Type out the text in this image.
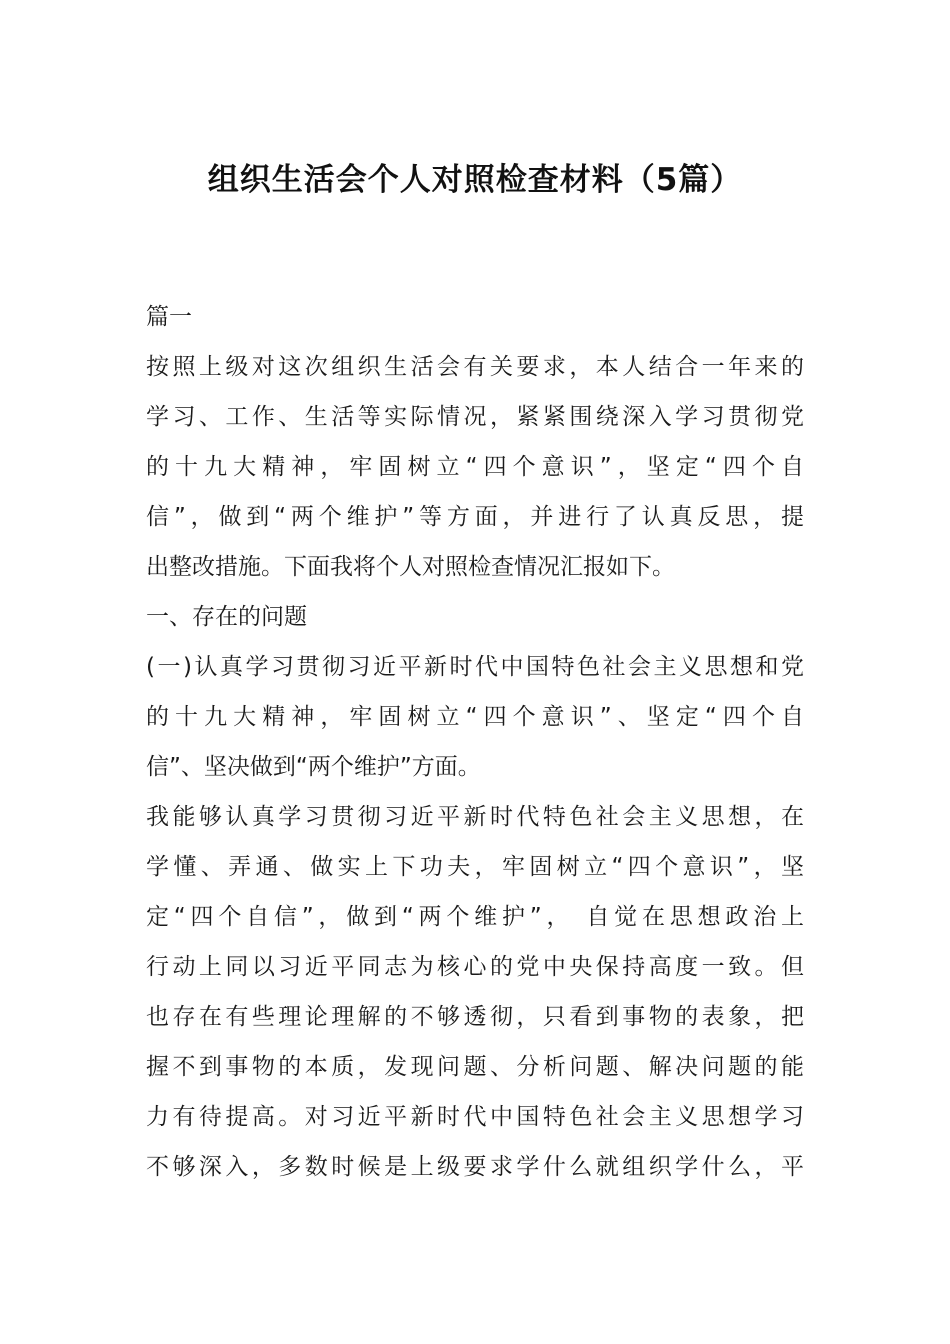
组织生活会个人对照检查材料（5篇）

篇一

按照上级对这次组织生活会有关要求，本人结合一年来的

学习、工作、生活等实际情况，紧紧围绕深入学习贯彻党

的十九大精神，牢固树立“四个意识”，坚定“四个自

信”，做到“两个维护”等方面，并进行了认真反思，提

出整改措施。下面我将个人对照检查情况汇报如下。

一、存在的问题

(一)认真学习贯彻习近平新时代中国特色社会主义思想和党

的十九大精神，牢固树立“四个意识”、坚定“四个自

信”、坚决做到“两个维护”方面。

我能够认真学习贯彻习近平新时代特色社会主义思想，在

学懂、弄通、做实上下功夫，牢固树立“四个意识”，坚

定“四个自信”，做到“两个维护”， 自觉在思想政治上

行动上同以习近平同志为核心的党中央保持高度一致。但

也存在有些理论理解的不够透彻，只看到事物的表象，把

握不到事物的本质，发现问题、分析问题、解决问题的能

力有待提高。对习近平新时代中国特色社会主义思想学习

不够深入，多数时候是上级要求学什么就组织学什么，平
